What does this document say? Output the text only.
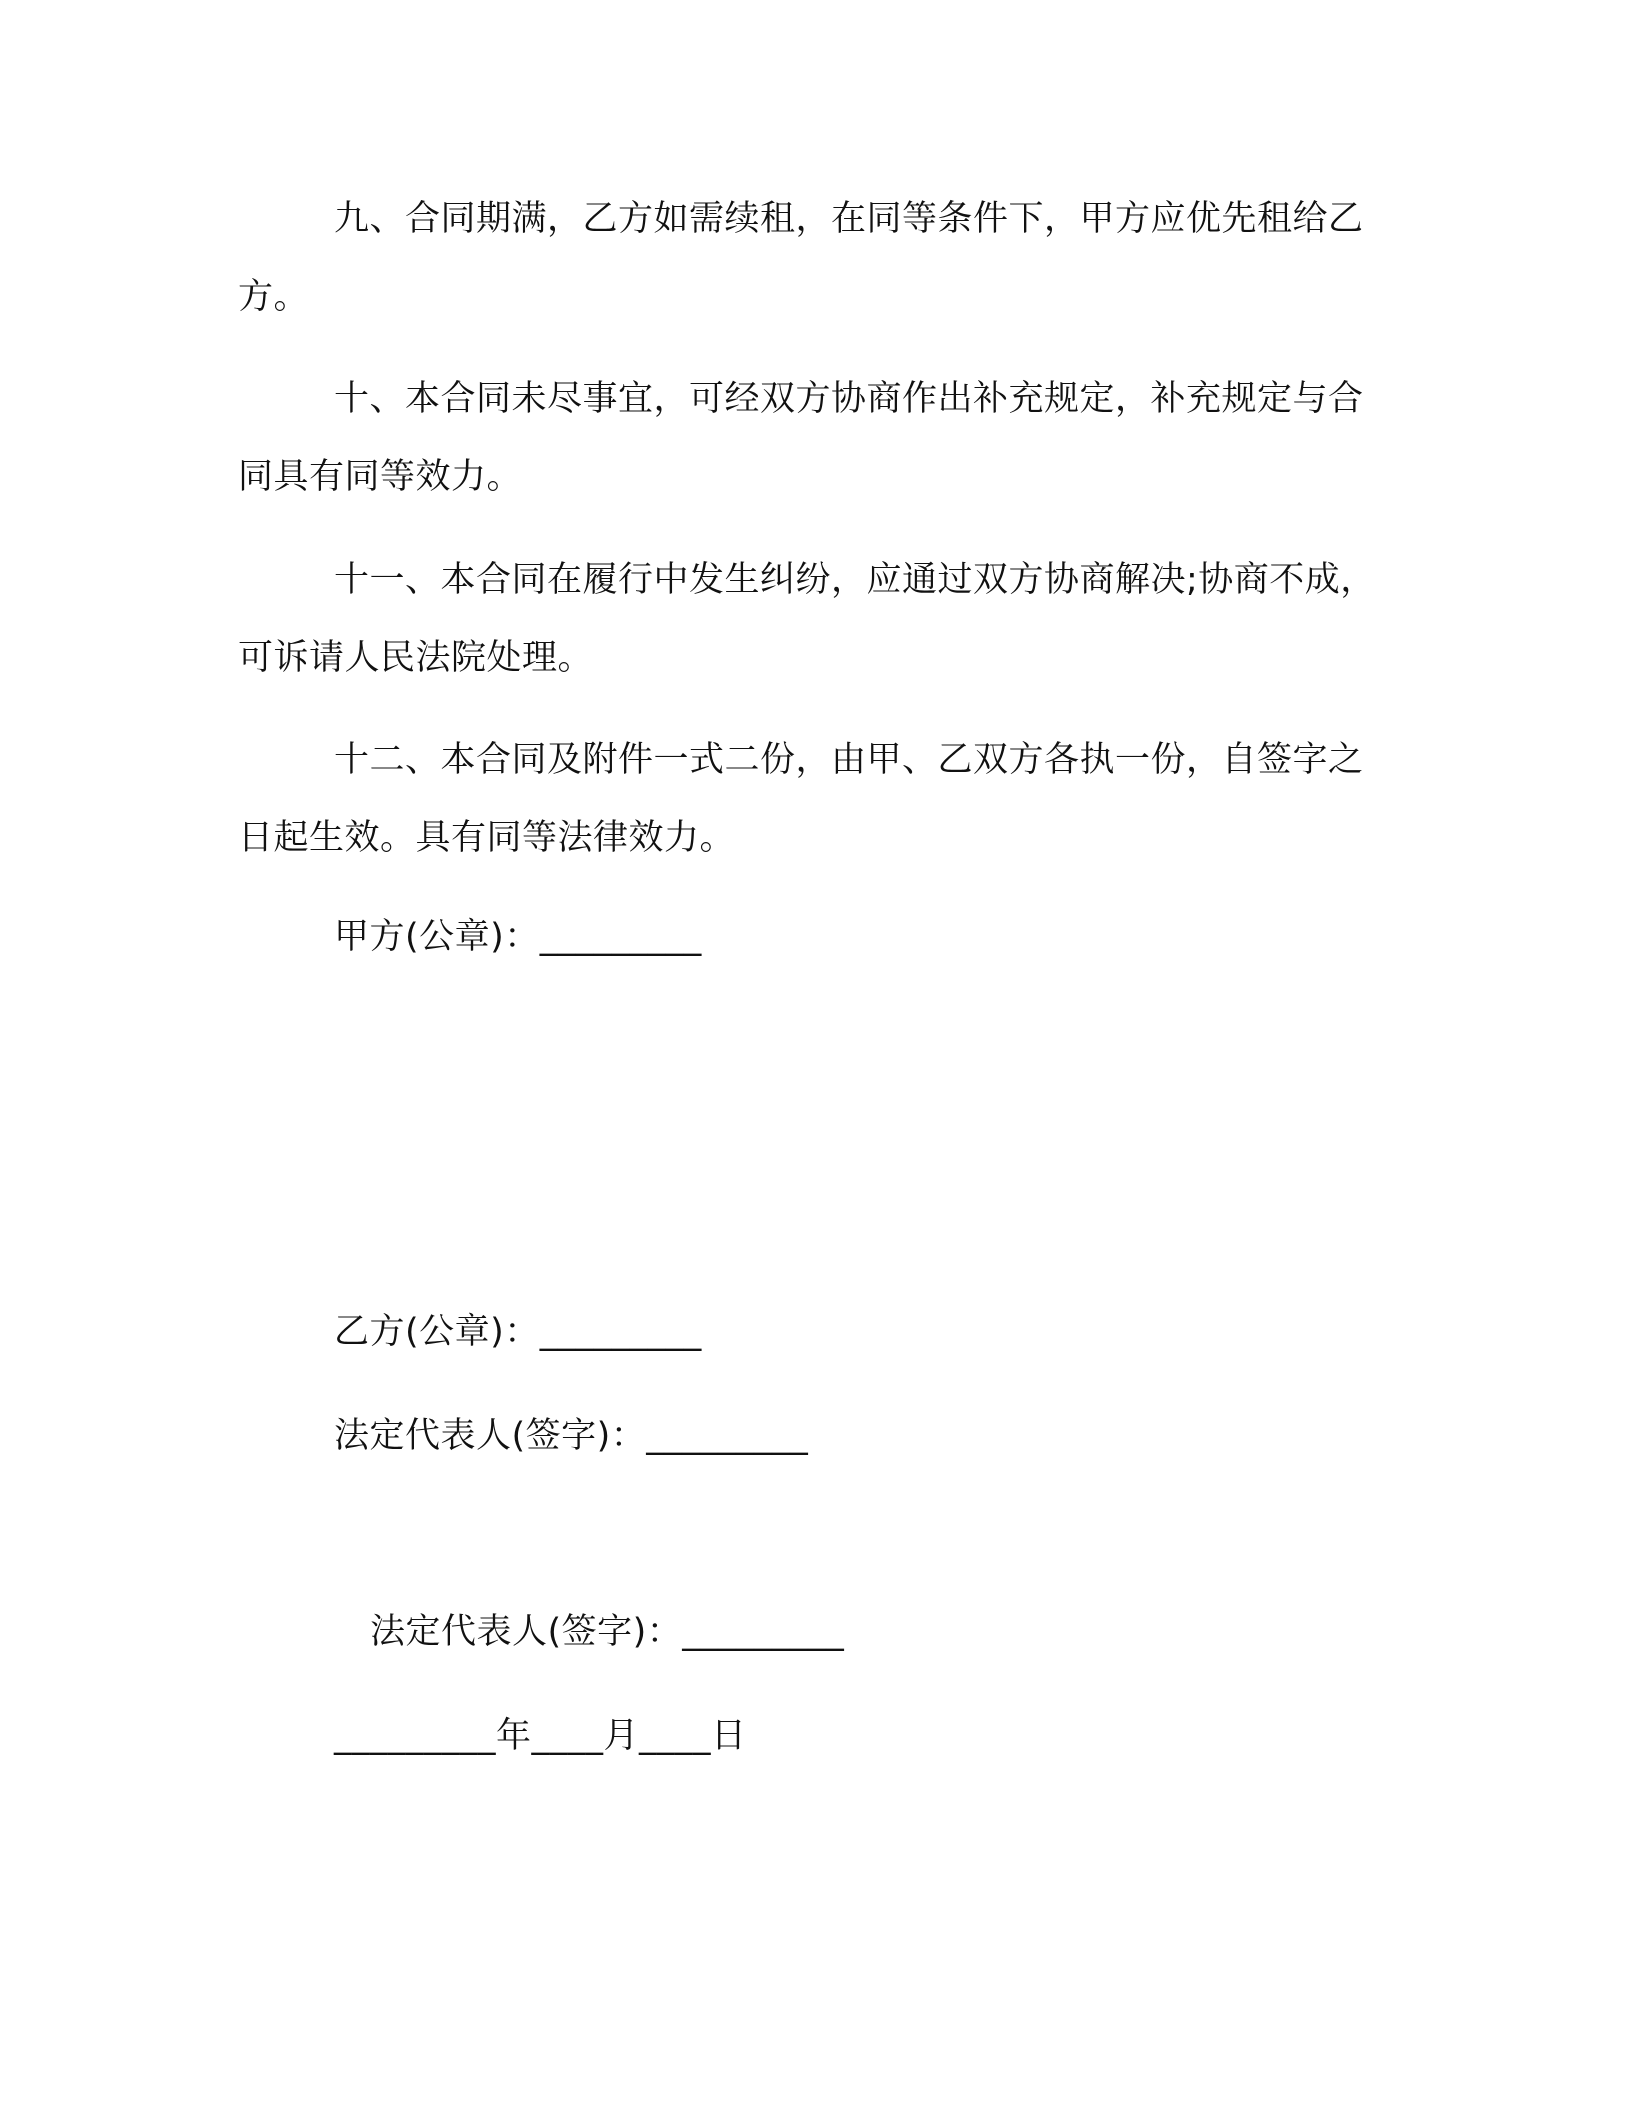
九、合同期满，乙方如需续租，在同等条件下，甲方应优先租给乙方。

十、本合同未尽事宜，可经双方协商作出补充规定，补充规定与合同具有同等效力。

十一、本合同在履行中发生纠纷，应通过双方协商解决;协商不成，可诉请人民法院处理。

十二、本合同及附件一式二份，由甲、乙双方各执一份，自签字之日起生效。具有同等法律效力。

甲方(公章)：_________
乙方(公章)：_________
法定代表人(签字)：_________
法定代表人(签字)：_________
_________年____月____日
